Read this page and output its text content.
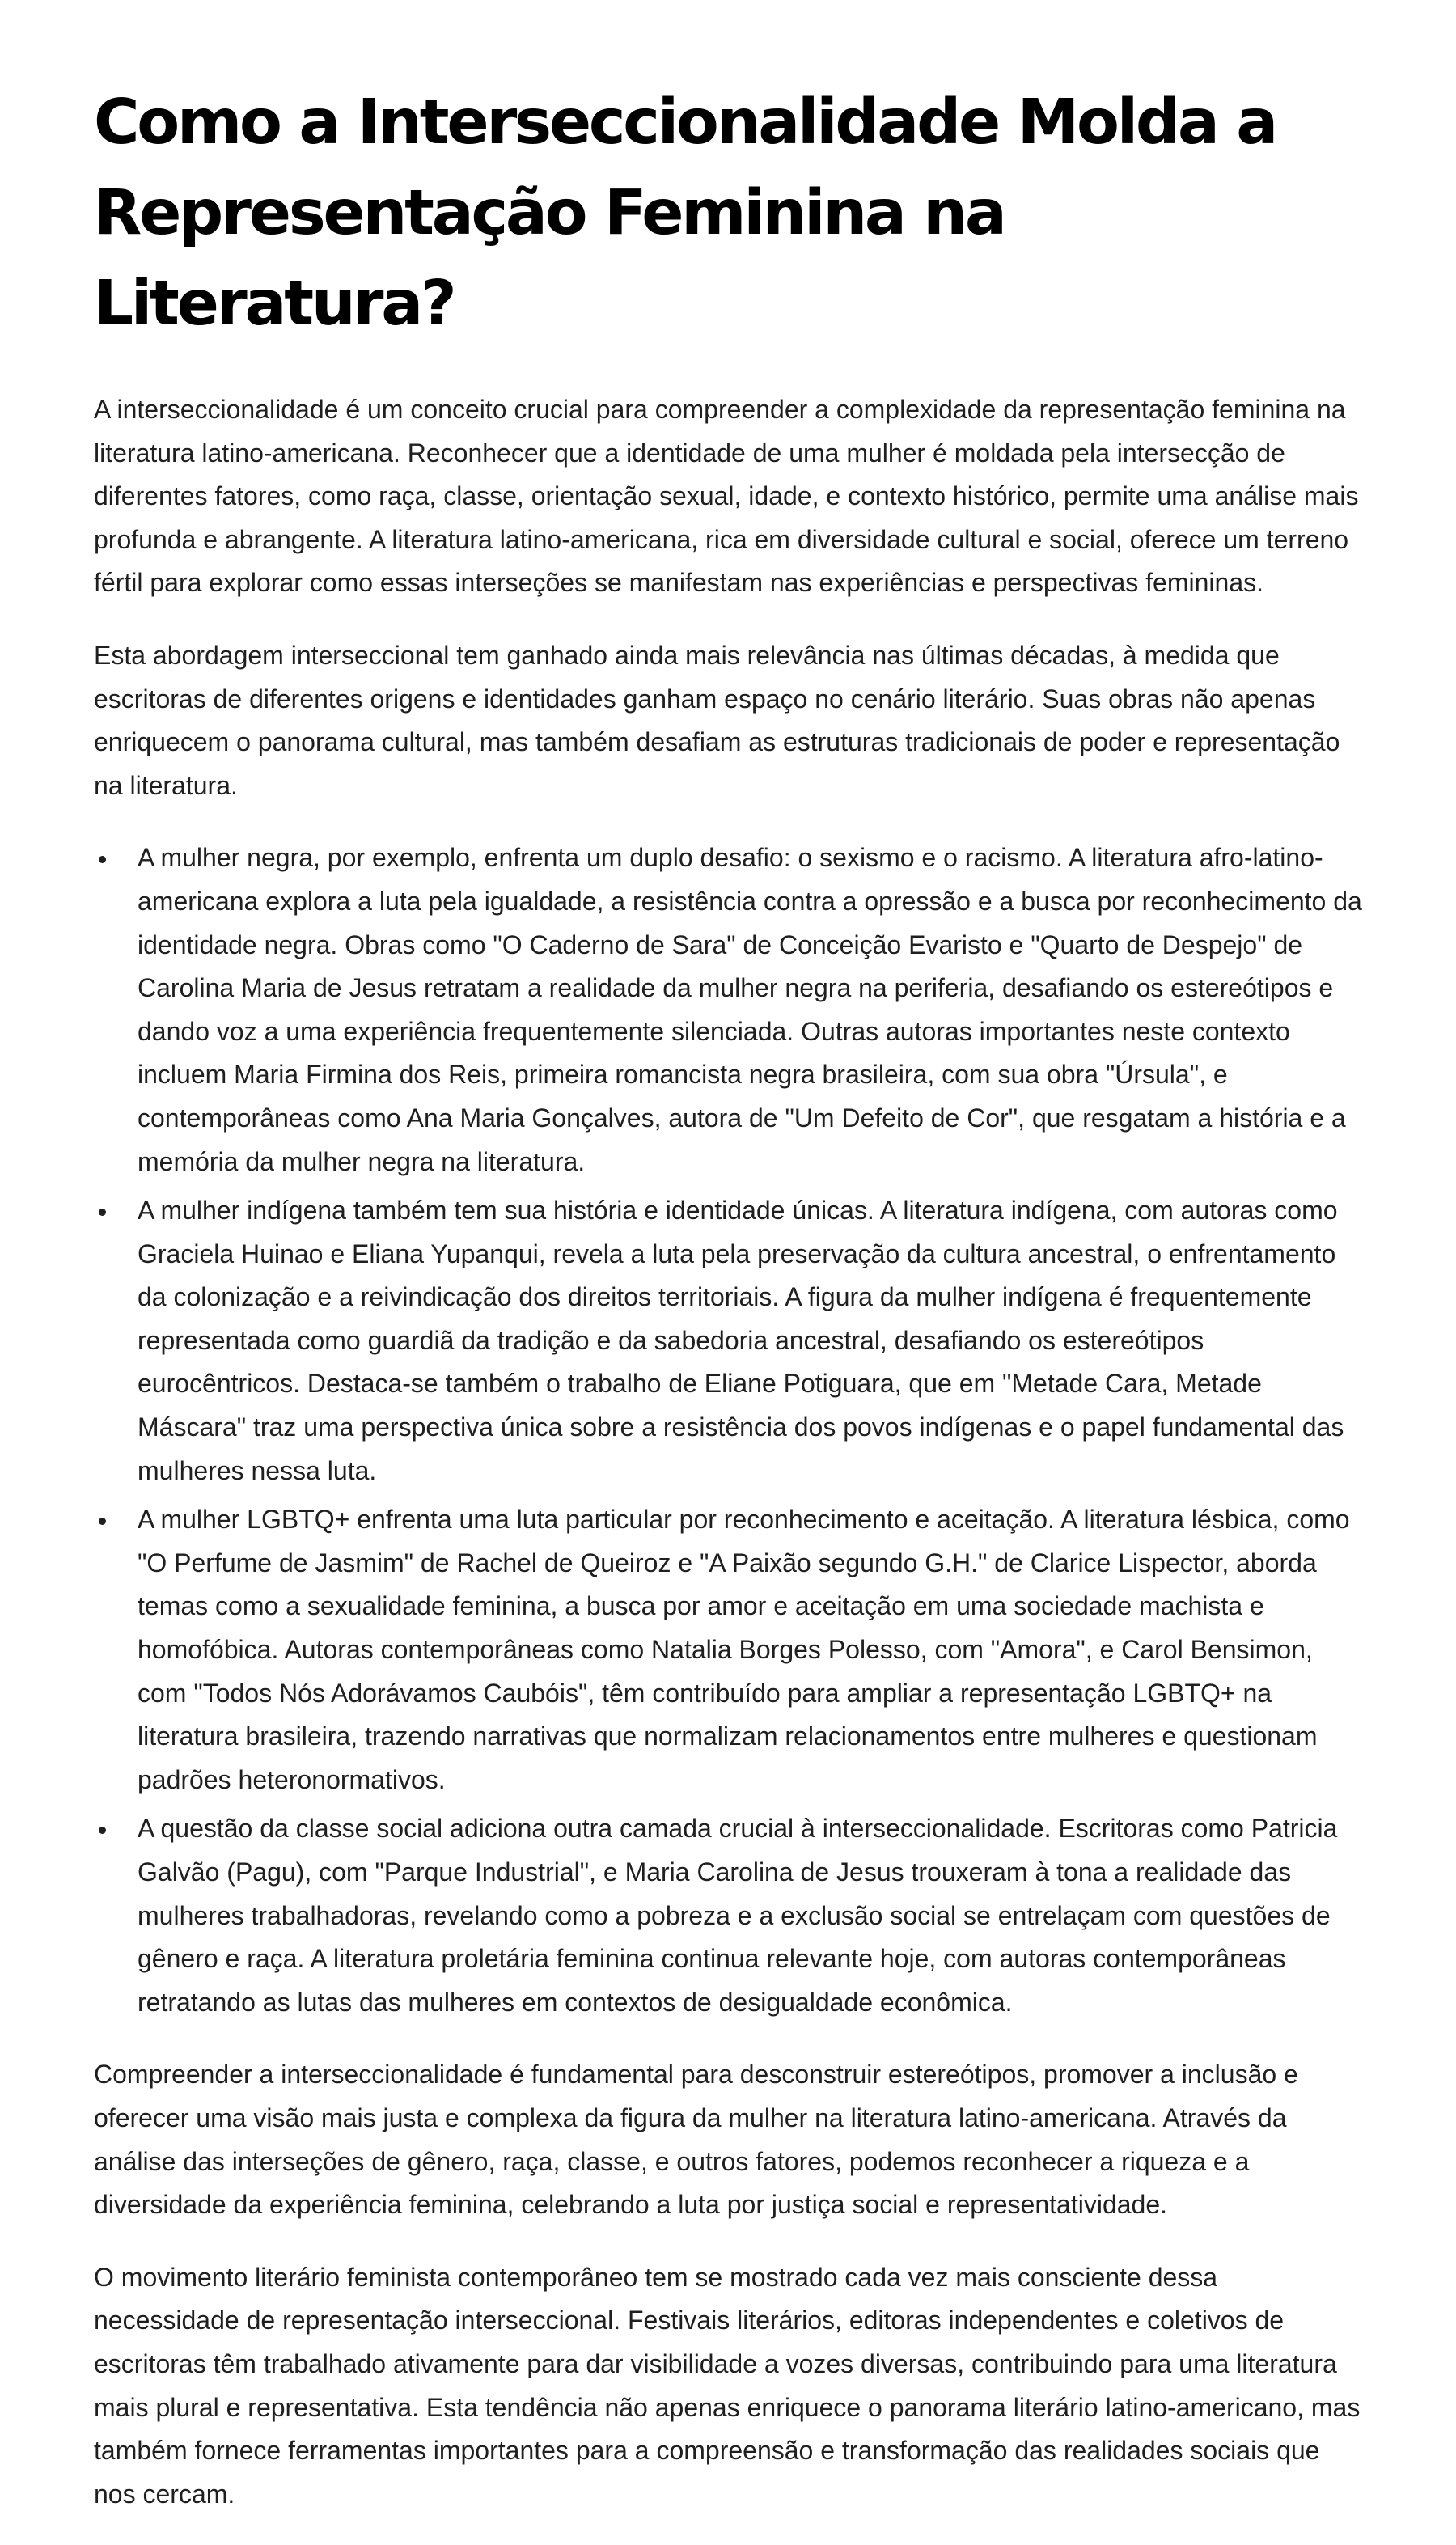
Como a Interseccionalidade Molda a Representação Feminina na Literatura?

A interseccionalidade é um conceito crucial para compreender a complexidade da representação feminina na literatura latino-americana. Reconhecer que a identidade de uma mulher é moldada pela intersecção de diferentes fatores, como raça, classe, orientação sexual, idade, e contexto histórico, permite uma análise mais profunda e abrangente. A literatura latino-americana, rica em diversidade cultural e social, oferece um terreno fértil para explorar como essas interseções se manifestam nas experiências e perspectivas femininas.

Esta abordagem interseccional tem ganhado ainda mais relevância nas últimas décadas, à medida que escritoras de diferentes origens e identidades ganham espaço no cenário literário. Suas obras não apenas enriquecem o panorama cultural, mas também desafiam as estruturas tradicionais de poder e representação na literatura.

A mulher negra, por exemplo, enfrenta um duplo desafio: o sexismo e o racismo. A literatura afro-latino-americana explora a luta pela igualdade, a resistência contra a opressão e a busca por reconhecimento da identidade negra. Obras como "O Caderno de Sara" de Conceição Evaristo e "Quarto de Despejo" de Carolina Maria de Jesus retratam a realidade da mulher negra na periferia, desafiando os estereótipos e dando voz a uma experiência frequentemente silenciada. Outras autoras importantes neste contexto incluem Maria Firmina dos Reis, primeira romancista negra brasileira, com sua obra "Úrsula", e contemporâneas como Ana Maria Gonçalves, autora de "Um Defeito de Cor", que resgatam a história e a memória da mulher negra na literatura.
A mulher indígena também tem sua história e identidade únicas. A literatura indígena, com autoras como Graciela Huinao e Eliana Yupanqui, revela a luta pela preservação da cultura ancestral, o enfrentamento da colonização e a reivindicação dos direitos territoriais. A figura da mulher indígena é frequentemente representada como guardiã da tradição e da sabedoria ancestral, desafiando os estereótipos eurocêntricos. Destaca-se também o trabalho de Eliane Potiguara, que em "Metade Cara, Metade Máscara" traz uma perspectiva única sobre a resistência dos povos indígenas e o papel fundamental das mulheres nessa luta.
A mulher LGBTQ+ enfrenta uma luta particular por reconhecimento e aceitação. A literatura lésbica, como "O Perfume de Jasmim" de Rachel de Queiroz e "A Paixão segundo G.H." de Clarice Lispector, aborda temas como a sexualidade feminina, a busca por amor e aceitação em uma sociedade machista e homofóbica. Autoras contemporâneas como Natalia Borges Polesso, com "Amora", e Carol Bensimon, com "Todos Nós Adorávamos Caubóis", têm contribuído para ampliar a representação LGBTQ+ na literatura brasileira, trazendo narrativas que normalizam relacionamentos entre mulheres e questionam padrões heteronormativos.
A questão da classe social adiciona outra camada crucial à interseccionalidade. Escritoras como Patricia Galvão (Pagu), com "Parque Industrial", e Maria Carolina de Jesus trouxeram à tona a realidade das mulheres trabalhadoras, revelando como a pobreza e a exclusão social se entrelaçam com questões de gênero e raça. A literatura proletária feminina continua relevante hoje, com autoras contemporâneas retratando as lutas das mulheres em contextos de desigualdade econômica.

Compreender a interseccionalidade é fundamental para desconstruir estereótipos, promover a inclusão e oferecer uma visão mais justa e complexa da figura da mulher na literatura latino-americana. Através da análise das interseções de gênero, raça, classe, e outros fatores, podemos reconhecer a riqueza e a diversidade da experiência feminina, celebrando a luta por justiça social e representatividade.

O movimento literário feminista contemporâneo tem se mostrado cada vez mais consciente dessa necessidade de representação interseccional. Festivais literários, editoras independentes e coletivos de escritoras têm trabalhado ativamente para dar visibilidade a vozes diversas, contribuindo para uma literatura mais plural e representativa. Esta tendência não apenas enriquece o panorama literário latino-americano, mas também fornece ferramentas importantes para a compreensão e transformação das realidades sociais que nos cercam.
